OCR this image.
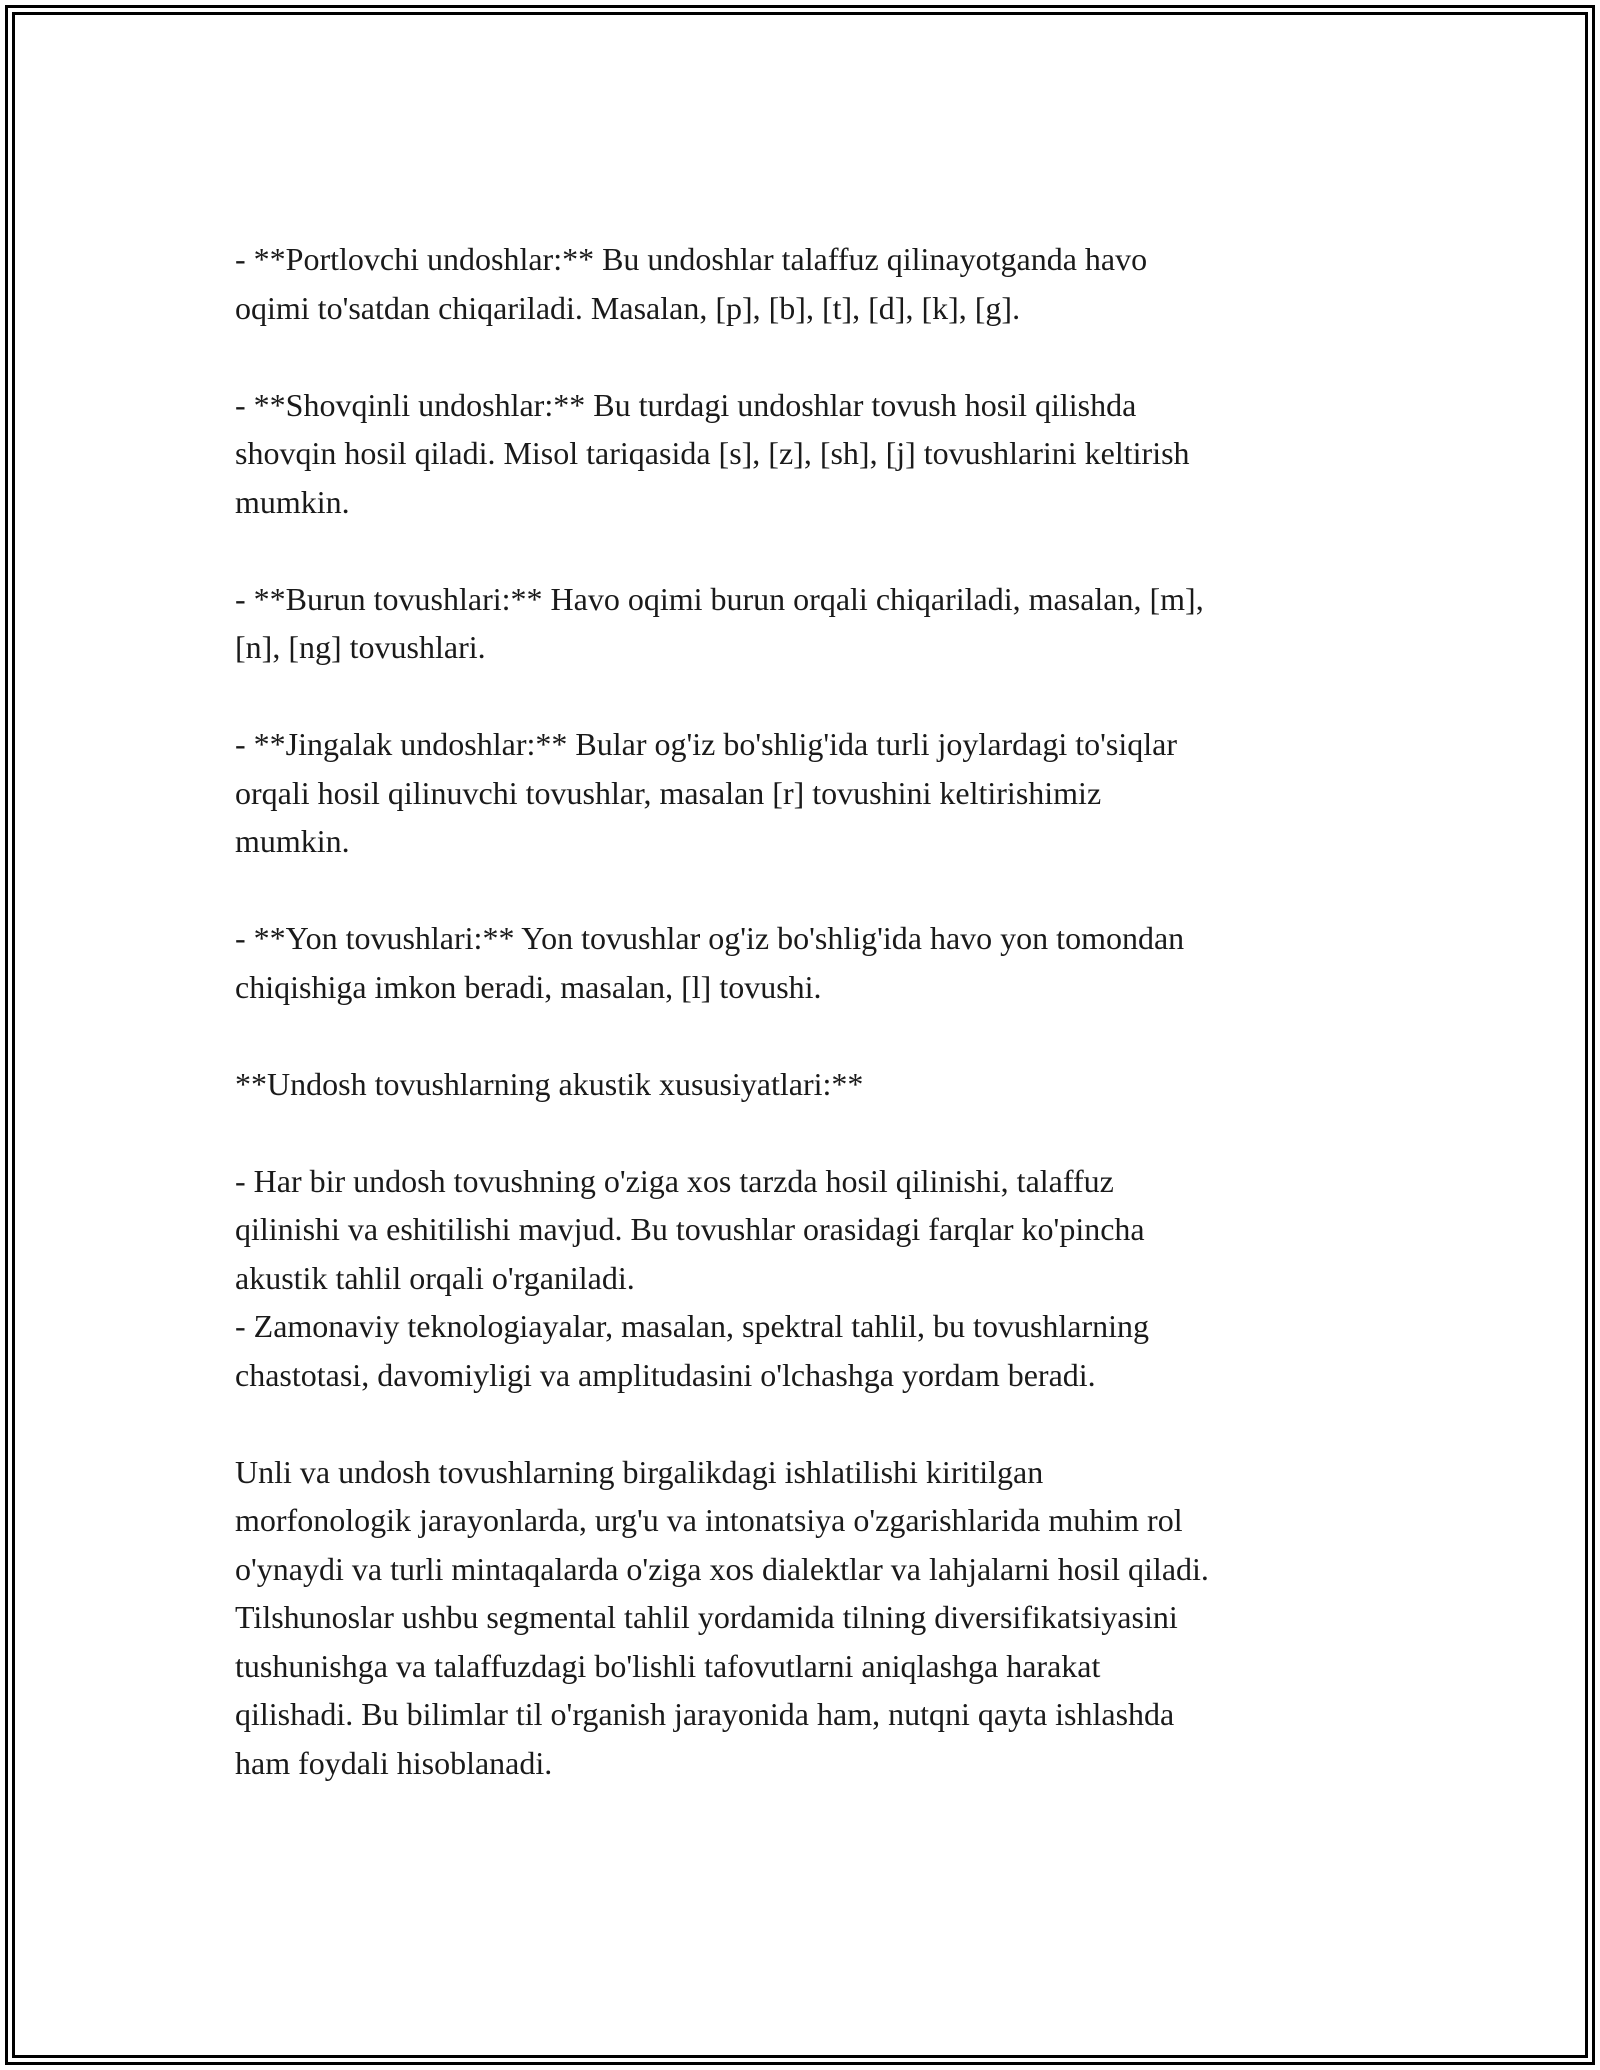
- **Portlovchi undoshlar:** Bu undoshlar talaffuz qilinayotganda havo
oqimi to'satdan chiqariladi. Masalan, [p], [b], [t], [d], [k], [g].

- **Shovqinli undoshlar:** Bu turdagi undoshlar tovush hosil qilishda
shovqin hosil qiladi. Misol tariqasida [s], [z], [sh], [j] tovushlarini keltirish
mumkin.

- **Burun tovushlari:** Havo oqimi burun orqali chiqariladi, masalan, [m],
[n], [ng] tovushlari.

- **Jingalak undoshlar:** Bular og'iz bo'shlig'ida turli joylardagi to'siqlar
orqali hosil qilinuvchi tovushlar, masalan [r] tovushini keltirishimiz
mumkin.

- **Yon tovushlari:** Yon tovushlar og'iz bo'shlig'ida havo yon tomondan
chiqishiga imkon beradi, masalan, [l] tovushi.

**Undosh tovushlarning akustik xususiyatlari:**

- Har bir undosh tovushning o'ziga xos tarzda hosil qilinishi, talaffuz
qilinishi va eshitilishi mavjud. Bu tovushlar orasidagi farqlar ko'pincha
akustik tahlil orqali o'rganiladi.

- Zamonaviy teknologiayalar, masalan, spektral tahlil, bu tovushlarning
chastotasi, davomiyligi va amplitudasini o'lchashga yordam beradi.

Unli va undosh tovushlarning birgalikdagi ishlatilishi kiritilgan
morfonologik jarayonlarda, urg'u va intonatsiya o'zgarishlarida muhim rol
o'ynaydi va turli mintaqalarda o'ziga xos dialektlar va lahjalarni hosil qiladi.
Tilshunoslar ushbu segmental tahlil yordamida tilning diversifikatsiyasini
tushunishga va talaffuzdagi bo'lishli tafovutlarni aniqlashga harakat
qilishadi. Bu bilimlar til o'rganish jarayonida ham, nutqni qayta ishlashda
ham foydali hisoblanadi.
